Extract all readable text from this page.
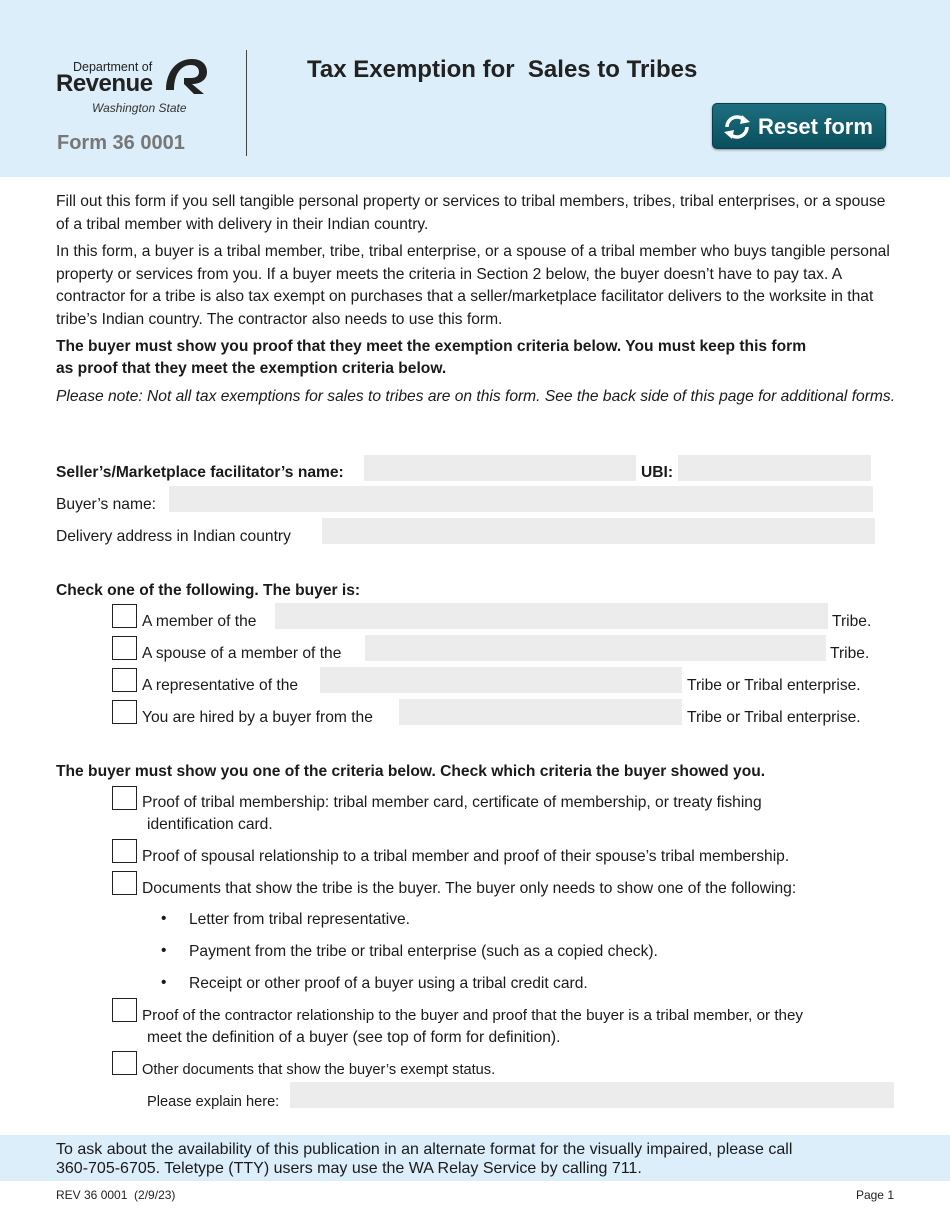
Department of
Revenue
Washington State
Form 36 0001
Tax Exemption for  Sales to Tribes
Reset form
Fill out this form if you sell tangible personal property or services to tribal members, tribes, tribal enterprises, or a spouse of a tribal member with delivery in their Indian country.
In this form, a buyer is a tribal member, tribe, tribal enterprise, or a spouse of a tribal member who buys tangible personal property or services from you. If a buyer meets the criteria in Section 2 below, the buyer doesn’t have to pay tax. A contractor for a tribe is also tax exempt on purchases that a seller/marketplace facilitator delivers to the worksite in that tribe’s Indian country. The contractor also needs to use this form.
The buyer must show you proof that they meet the exemption criteria below. You must keep this form
as proof that they meet the exemption criteria below.
Please note: Not all tax exemptions for sales to tribes are on this form. See the back side of this page for additional forms.
Seller’s/Marketplace facilitator’s name:	UBI:
Buyer’s name:
Delivery address in Indian country
Check one of the following. The buyer is:
A member of the	Tribe.
A spouse of a member of the	Tribe.
A representative of the	Tribe or Tribal enterprise.
You are hired by a buyer from the	Tribe or Tribal enterprise.
The buyer must show you one of the criteria below. Check which criteria the buyer showed you.
Proof of tribal membership: tribal member card, certificate of membership, or treaty fishing
identification card.
Proof of spousal relationship to a tribal member and proof of their spouse’s tribal membership.
Documents that show the tribe is the buyer. The buyer only needs to show one of the following:
• Letter from tribal representative.
• Payment from the tribe or tribal enterprise (such as a copied check).
• Receipt or other proof of a buyer using a tribal credit card.
Proof of the contractor relationship to the buyer and proof that the buyer is a tribal member, or they
meet the definition of a buyer (see top of form for definition).
Other documents that show the buyer’s exempt status.
Please explain here:
To ask about the availability of this publication in an alternate format for the visually impaired, please call
360-705-6705. Teletype (TTY) users may use the WA Relay Service by calling 711.
REV 36 0001  (2/9/23)	Page 1
